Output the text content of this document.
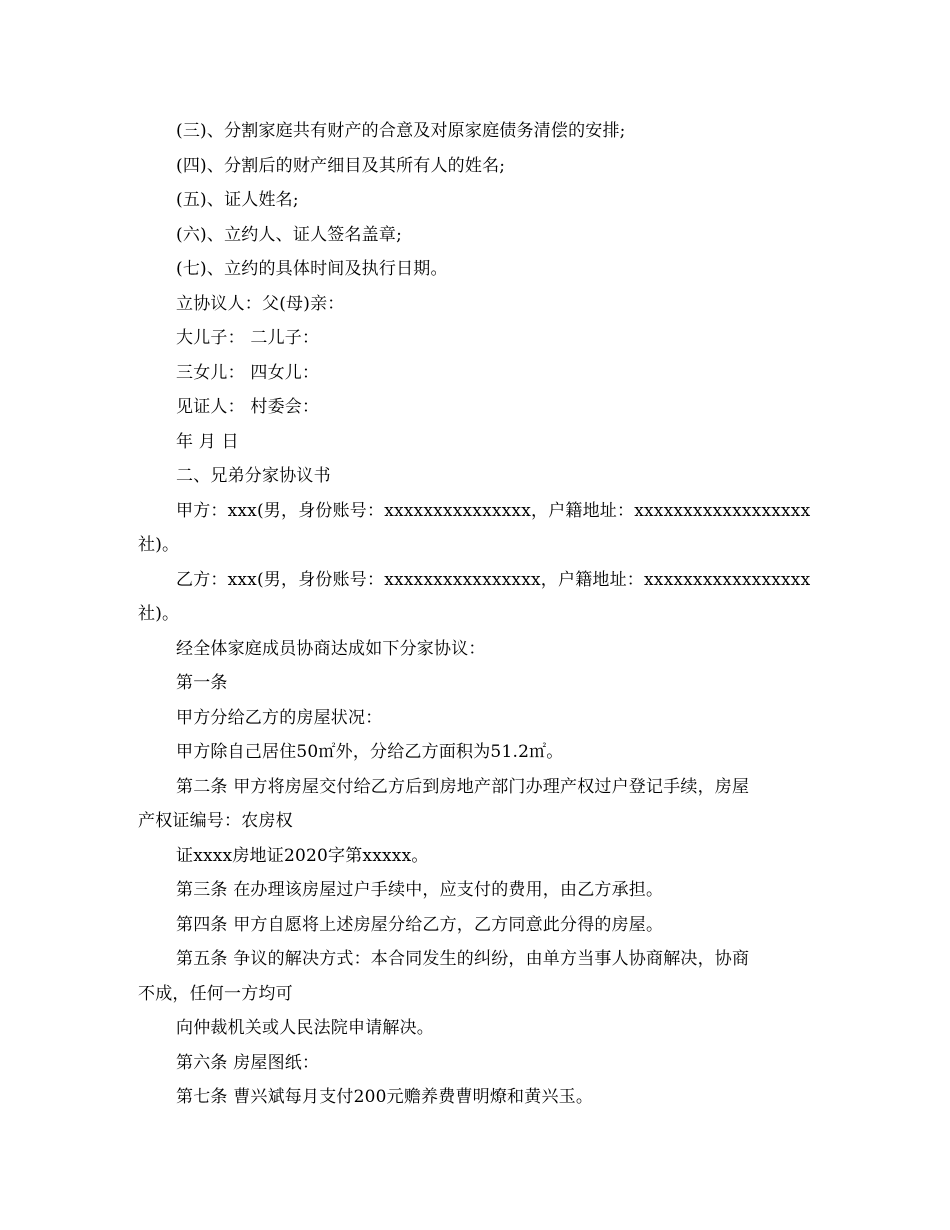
(三)、分割家庭共有财产的合意及对原家庭债务清偿的安排;
(四)、分割后的财产细目及其所有人的姓名;
(五)、证人姓名;
(六)、立约人、证人签名盖章;
(七)、立约的具体时间及执行日期。
立协议人：父(母)亲：
大儿子： 二儿子：
三女儿： 四女儿：
见证人： 村委会：
年 月 日
二、兄弟分家协议书
甲方：xxx(男，身份账号：xxxxxxxxxxxxxxx，户籍地址：xxxxxxxxxxxxxxxxxx
社)。
乙方：xxx(男，身份账号：xxxxxxxxxxxxxxxx，户籍地址：xxxxxxxxxxxxxxxxx
社)。
经全体家庭成员协商达成如下分家协议：
第一条
甲方分给乙方的房屋状况：
甲方除自己居住50㎡外，分给乙方面积为51.2㎡。
第二条 甲方将房屋交付给乙方后到房地产部门办理产权过户登记手续，房屋
产权证编号：农房权
证xxxx房地证2020字第xxxxx。
第三条 在办理该房屋过户手续中，应支付的费用，由乙方承担。
第四条 甲方自愿将上述房屋分给乙方，乙方同意此分得的房屋。
第五条 争议的解决方式：本合同发生的纠纷，由单方当事人协商解决，协商
不成，任何一方均可
向仲裁机关或人民法院申请解决。
第六条 房屋图纸：
第七条 曹兴斌每月支付200元赡养费曹明燎和黄兴玉。
